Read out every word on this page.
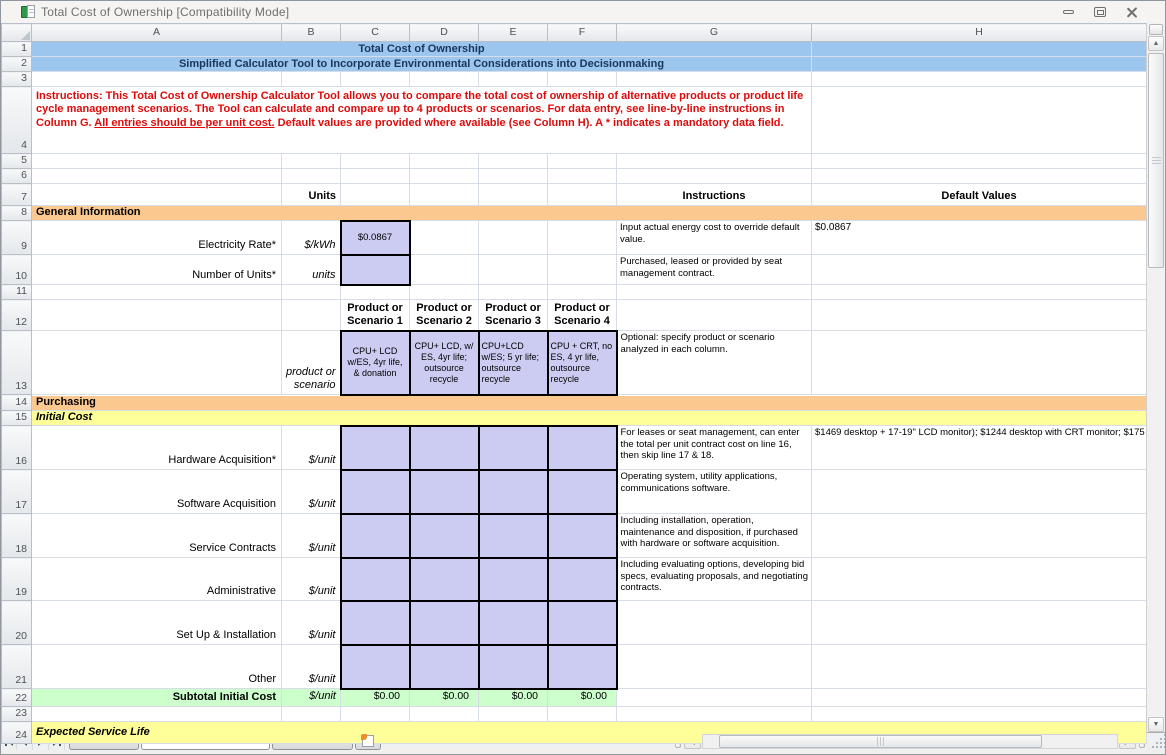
Total Cost of Ownership [Compatibility Mode]
	A	B	C	D	E	F	G	H
1	Total Cost of Ownership							
2	Simplified Calculator Tool to Incorporate Environmental Considerations into Decisionmaking							
3								
4	Instructions: This Total Cost of Ownership Calculator Tool allows you to compare the total cost of ownership of alternative products or product life cycle management scenarios. The Tool can calculate and compare up to 4 products or scenarios. For data entry, see line-by-line instructions in Column G. All entries should be per unit cost. Default values are provided where available (see Column H). A * indicates a mandatory data field.							
5								
6								
7		Units					Instructions	Default Values
8	General Information							
9	Electricity Rate*	$/kWh	$0.0867				Input actual energy cost to override default value.	$0.0867
10	Number of Units*	units					Purchased, leased or provided by seat management contract.	
11								
12			Product or Scenario 1	Product or Scenario 2	Product or Scenario 3	Product or Scenario 4		
13		product or scenario	CPU+ LCD w/ES, 4yr life, & donation	CPU+ LCD, w/ ES, 4yr life; outsource recycle	CPU+LCD w/ES; 5 yr life; outsource recycle	CPU + CRT, no ES, 4 yr life, outsource recycle	Optional: specify product or scenario analyzed in each column.	
14	Purchasing							
15	Initial Cost							
16	Hardware Acquisition*	$/unit					For leases or seat management, can enter the total per unit contract cost on line 16, then skip line 17 & 18.	$1469 desktop + 17-19" LCD monitor); $1244 desktop with CRT monitor; $175
17	Software Acquisition	$/unit					Operating system, utility applications, communications software.	
18	Service Contracts	$/unit					Including installation, operation, maintenance and disposition, if purchased with hardware or software acquisition.	
19	Administrative	$/unit					Including evaluating options, developing bid specs, evaluating proposals, and negotiating contracts.	
20	Set Up & Installation	$/unit						
21	Other	$/unit						
22	Subtotal Initial Cost	$/unit	$0.00	$0.00	$0.00	$0.00		
23								
24	Expected Service Life							
▲
▼
